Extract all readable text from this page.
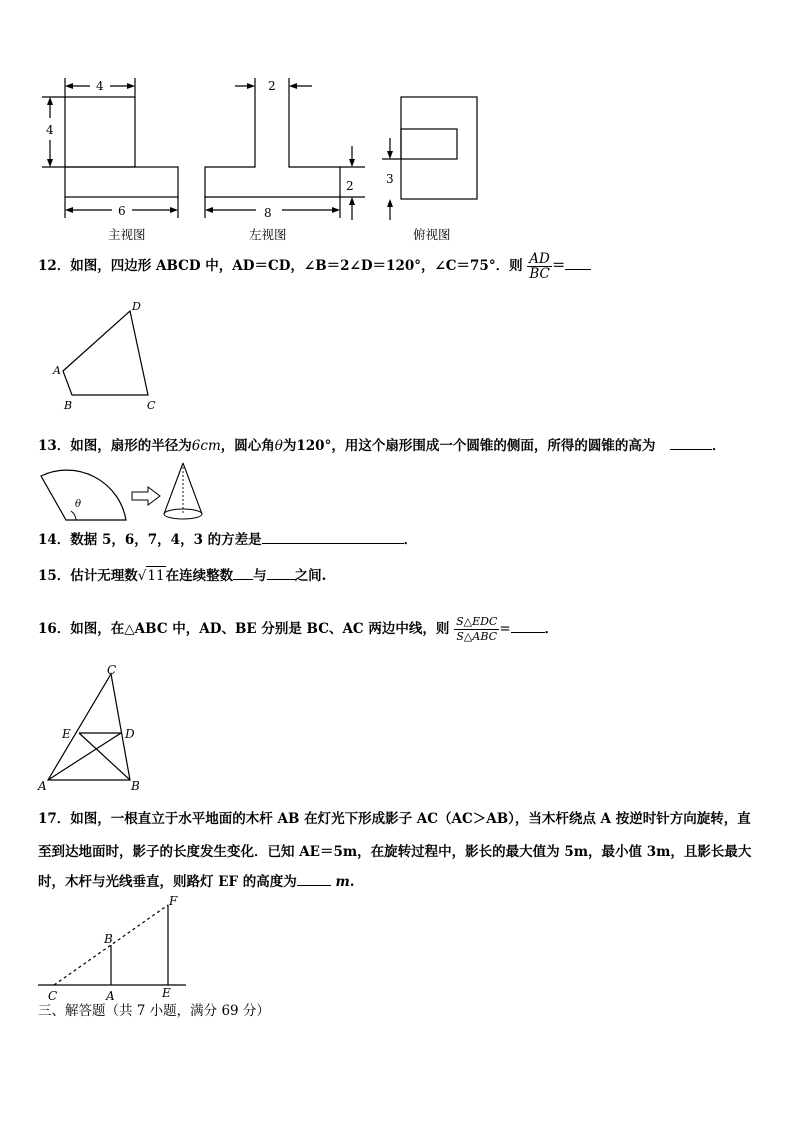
4
4
6
2
2
8
3
主视图	左视图	俯视图
12．如图，四边形 ABCD 中，AD＝CD，∠B＝2∠D＝120°，∠C＝75°．则 $\frac{AD}{BC}$ ＝
A
B	C
D
13．如图，扇形的半径为6cm，圆心角θ为120°，用这个扇形围成一个圆锥的侧面，所得的圆锥的高为	．
θ
14．数据 5，6，7，4，3 的方差是	．
15．估计无理数√11在连续整数 与 之间.
16．如图，在△ABC 中，AD、BE 分别是 BC、AC 两边中线，则 $\frac{\text{S△EDC}}{\text{S△ABC}}$ =	．
C
E	D
A	B
17．如图，一根直立于水平地面的木杆 AB 在灯光下形成影子 AC（AC＞AB），当木杆绕点 A 按逆时针方向旋转，直
至到达地面时，影子的长度发生变化．已知 AE＝5m，在旋转过程中，影长的最大值为 5m，最小值 3m，且影长最大
时，木杆与光线垂直，则路灯 EF 的高度为	m.
F
B
C	A	E
三、解答题（共 7 小题，满分 69 分）
